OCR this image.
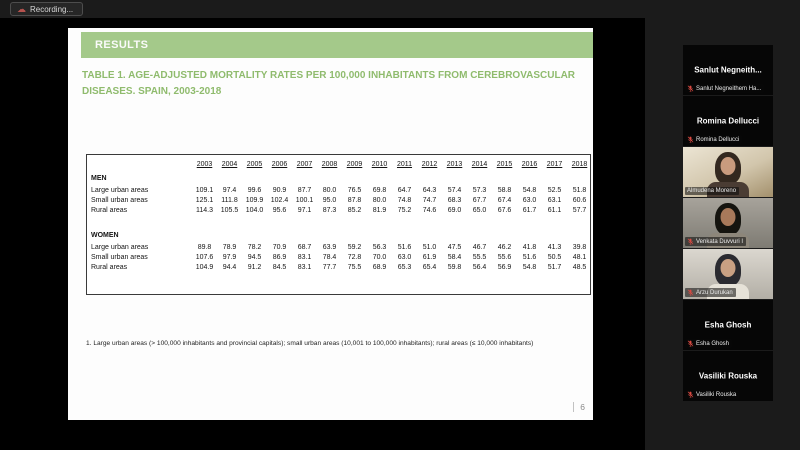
☁ Recording...
RESULTS
TABLE 1. AGE-ADJUSTED MORTALITY RATES PER 100,000 INHABITANTS FROM CEREBROVASCULAR DISEASES. SPAIN, 2003-2018
	2003	2004	2005	2006	2007	2008	2009	2010	2011	2012	2013	2014	2015	2016	2017	2018
MEN																
Large urban areas	109.1	97.4	99.6	90.9	87.7	80.0	76.5	69.8	64.7	64.3	57.4	57.3	58.8	54.8	52.5	51.8
Small urban areas	125.1	111.8	109.9	102.4	100.1	95.0	87.8	80.0	74.8	74.7	68.3	67.7	67.4	63.0	63.1	60.6
Rural areas	114.3	105.5	104.0	95.6	97.1	87.3	85.2	81.9	75.2	74.6	69.0	65.0	67.6	61.7	61.1	57.7

WOMEN																
Large urban areas	89.8	78.9	78.2	70.9	68.7	63.9	59.2	56.3	51.6	51.0	47.5	46.7	46.2	41.8	41.3	39.8
Small urban areas	107.6	97.9	94.5	86.9	83.1	78.4	72.8	70.0	63.0	61.9	58.4	55.5	55.6	51.6	50.5	48.1
Rural areas	104.9	94.4	91.2	84.5	83.1	77.7	75.5	68.9	65.3	65.4	59.8	56.4	56.9	54.8	51.7	48.5
1. Large urban areas (> 100,000 inhabitants and provincial capitals); small urban areas (10,001 to 100,000 inhabitants); rural areas (≤ 10,000 inhabitants)
6
Sanlut Negneith...
Sanlut Negneithem Ha...
Romina Dellucci
Romina Dellucci
Almudena Moreno
Venkata Duvvuri I
Arzu Durukan
Esha Ghosh
Esha Ghosh
Vasiliki Rouska
Vasiliki Rouska
